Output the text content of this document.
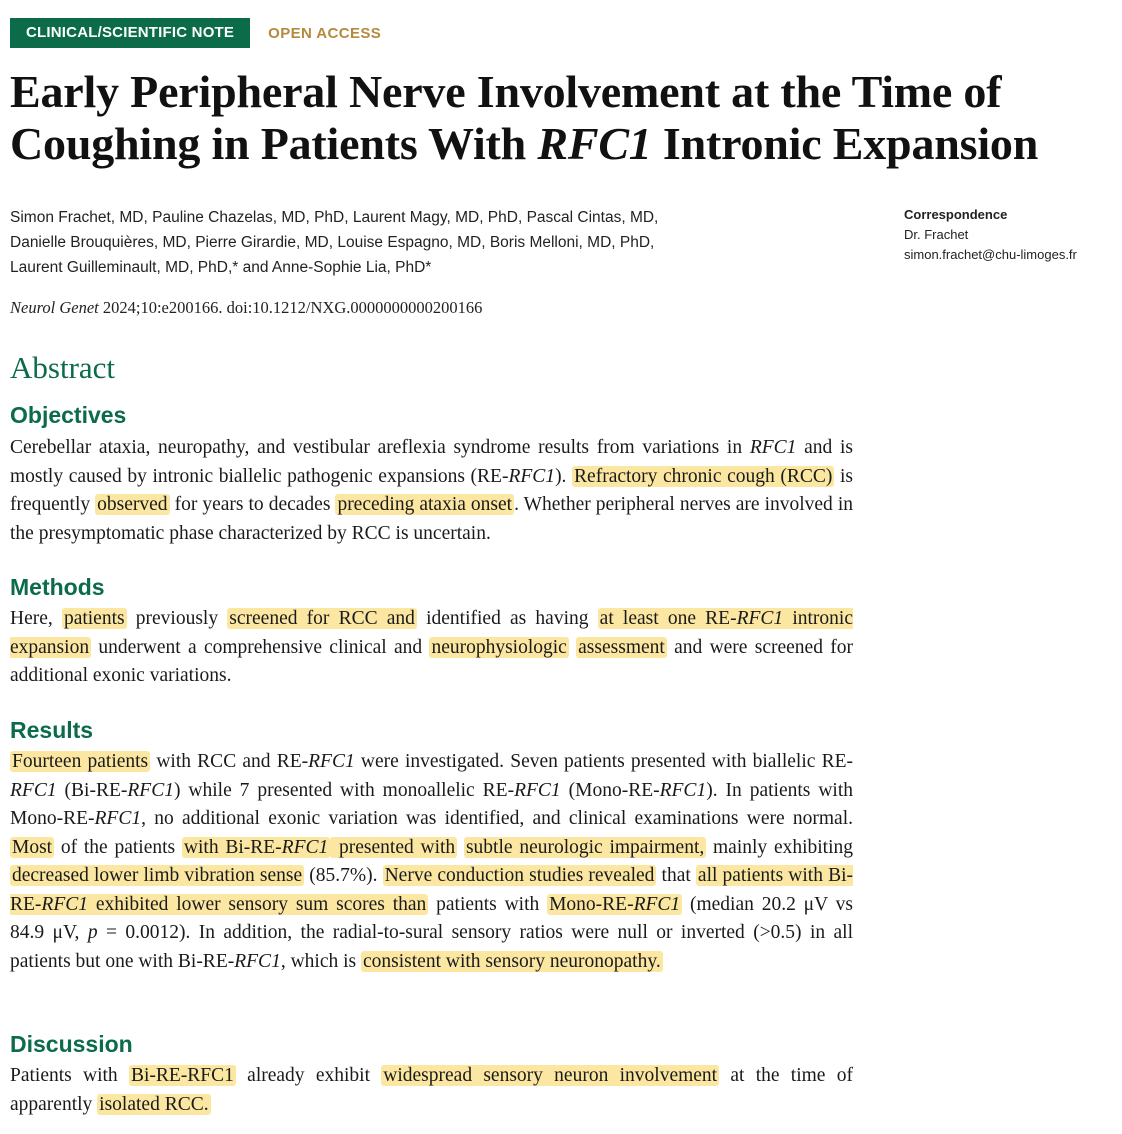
CLINICAL/SCIENTIFIC NOTE	OPEN ACCESS
Early Peripheral Nerve Involvement at the Time of Coughing in Patients With RFC1 Intronic Expansion
Simon Frachet, MD, Pauline Chazelas, MD, PhD, Laurent Magy, MD, PhD, Pascal Cintas, MD,
Danielle Brouquières, MD, Pierre Girardie, MD, Louise Espagno, MD, Boris Melloni, MD, PhD,
Laurent Guilleminault, MD, PhD,* and Anne-Sophie Lia, PhD*
Correspondence
Dr. Frachet
simon.frachet@chu-limoges.fr
Neurol Genet 2024;10:e200166. doi:10.1212/NXG.0000000000200166
Abstract
Objectives

Cerebellar ataxia, neuropathy, and vestibular areflexia syndrome results from variations in RFC1 and is mostly caused by intronic biallelic pathogenic expansions (RE-RFC1). Refractory chronic cough (RCC) is frequently observed for years to decades preceding ataxia onset . Whether peripheral nerves are involved in the presymptomatic phase characterized by RCC is uncertain.

Methods

Here, patients previously screened for RCC and identified as having at least one RE-RFC1 intronic expansion underwent a comprehensive clinical and neurophysiologic assessment and were screened for additional exonic variations.

Results

Fourteen patients with RCC and RE-RFC1 were investigated. Seven patients presented with biallelic RE-RFC1 (Bi-RE-RFC1) while 7 presented with monoallelic RE-RFC1 (Mono-RE-RFC1). In patients with Mono-RE-RFC1, no additional exonic variation was identified, and clinical examinations were normal. Most of the patients with Bi-RE-RFC1 presented with subtle neurologic impairment, mainly exhibiting decreased lower limb vibration sense (85.7%). Nerve conduction studies revealed that all patients with Bi-RE-RFC1 exhibited lower sensory sum scores than patients with Mono-RE-RFC1 (median 20.2 μV vs 84.9 μV, p = 0.0012). In addition, the radial-to-sural sensory ratios were null or inverted (>0.5) in all patients but one with Bi-RE-RFC1, which is consistent with sensory neuronopathy.

Discussion

Patients with Bi-RE-RFC1 already exhibit widespread sensory neuron involvement at the time of apparently isolated RCC.
